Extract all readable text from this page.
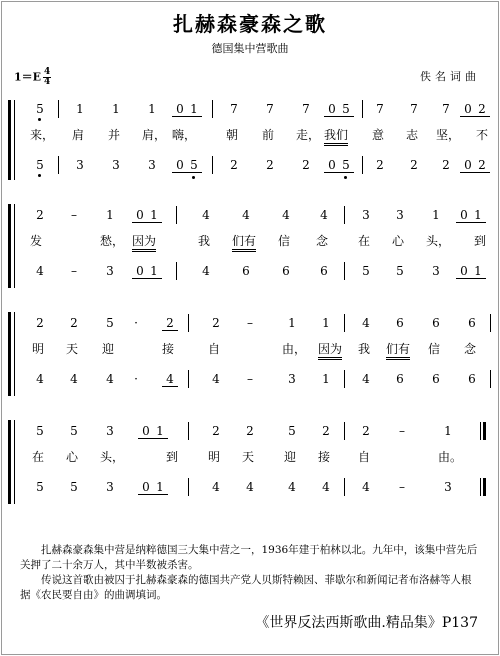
扎赫森豪森之歌
德国集中营歌曲
$1=E \frac{4}{4}$	佚名词曲
5	1	1	1	0 1	7	7	7	0 5	7	7	7	0 2
来， 肩 并 肩， 嗨， 朝 前 走， 我们 意 志 坚， 不
5	3	3	3	0 5	2	2	2	0 5	2	2	2	0 2
2	–	1	0 1	4	4	4	4	3	3	1	0 1
发	愁， 因为	我 们有 信 念 在 心 头， 到
4	–	3	0 1	4	6	6	6	5	5	3	0 1
2	2	5	·	2	2	–	1	1	4	6	6	6
明 天 迎	接	自	由， 因为 我 们有 信 念
4	4	4	·	4	4	–	3	1	4	6	6	6
5	5	3	0 1	2	2	5	2	2	–	1
在 心 头，	到 明 天 迎 接 自	由。
5	5	3	0 1	4	4	4	4	4	–	3

扎赫森豪森集中营是纳粹德国三大集中营之一，1936年建于柏林以北。九年中，该集中营先后关押了二十余万人，其中半数被杀害。

传说这首歌由被囚于扎赫森豪森的德国共产党人贝斯特赖因、菲歇尔和新闻记者布洛赫等人根据《农民要自由》的曲调填词。

《世界反法西斯歌曲.精品集》P137
